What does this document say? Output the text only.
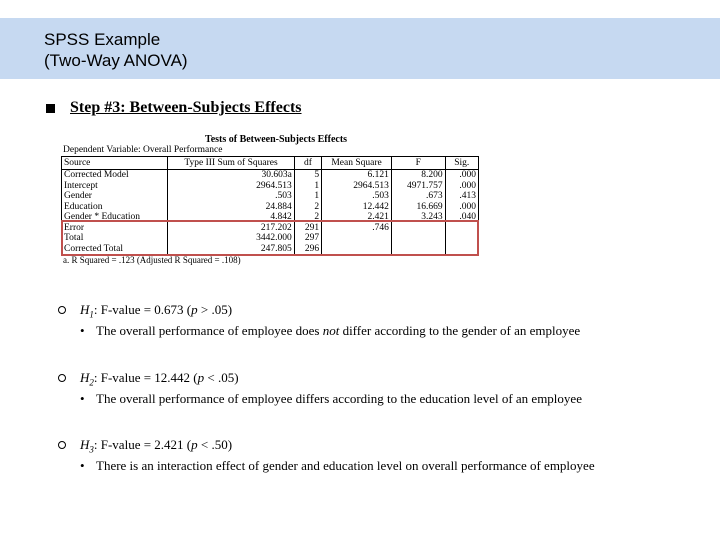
SPSS Example
(Two-Way ANOVA)
Step #3: Between-Subjects Effects
Tests of Between-Subjects Effects
Dependent Variable: Overall Performance
Source	Type III Sum of Squares	df	Mean Square	F	Sig.
Corrected Model	30.603a	5	6.121	8.200	.000
Intercept	2964.513	1	2964.513	4971.757	.000
Gender	.503	1	.503	.673	.413
Education	24.884	2	12.442	16.669	.000
Gender * Education	4.842	2	2.421	3.243	.040
Error	217.202	291	.746		
Total	3442.000	297			
Corrected Total	247.805	296			
a. R Squared = .123 (Adjusted R Squared = .108)
$H_1$: F-value = 0.673 (p > .05)
• The overall performance of employee does not differ according to the gender of an employee
$H_2$: F-value = 12.442 (p < .05)
• The overall performance of employee differs according to the education level of an employee
$H_3$: F-value = 2.421 (p < .50)
• There is an interaction effect of gender and education level on overall performance of employee
